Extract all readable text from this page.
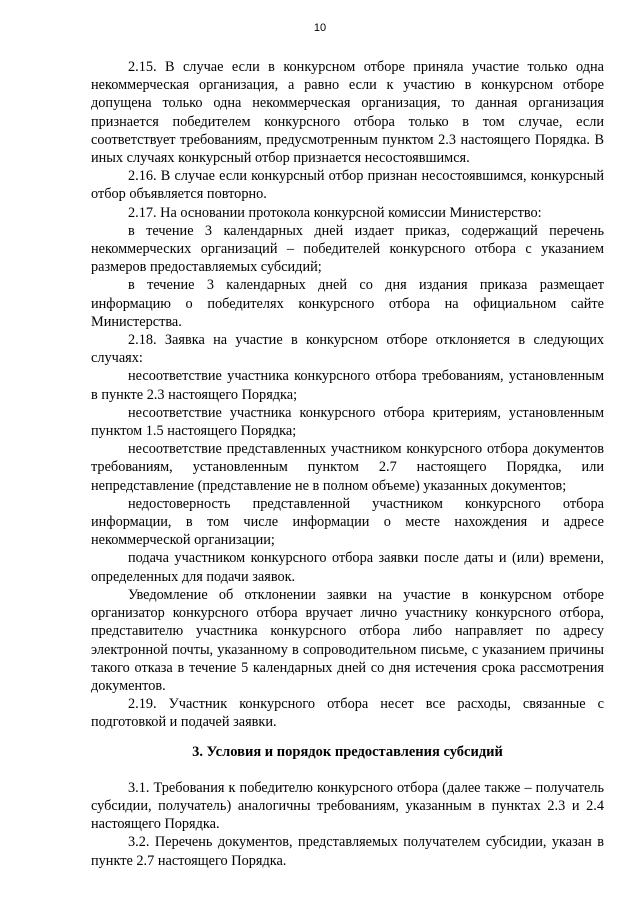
10

2.15. В случае если в конкурсном отборе приняла участие только одна некоммерческая организация, а равно если к участию в конкурсном отборе допущена только одна некоммерческая организация, то данная организация признается победителем конкурсного отбора только в том случае, если соответствует требованиям, предусмотренным пунктом 2.3 настоящего Порядка. В иных случаях конкурсный отбор признается несостоявшимся.

2.16. В случае если конкурсный отбор признан несостоявшимся, конкурсный отбор объявляется повторно.

2.17. На основании протокола конкурсной комиссии Министерство:

в течение 3 календарных дней издает приказ, содержащий перечень некоммерческих организаций – победителей конкурсного отбора с указанием размеров предоставляемых субсидий;

в течение 3 календарных дней со дня издания приказа размещает информацию о победителях конкурсного отбора на официальном сайте Министерства.

2.18. Заявка на участие в конкурсном отборе отклоняется в следующих случаях:

несоответствие участника конкурсного отбора требованиям, установленным в пункте 2.3 настоящего Порядка;

несоответствие участника конкурсного отбора критериям, установленным пунктом 1.5 настоящего Порядка;

несоответствие представленных участником конкурсного отбора документов требованиям, установленным пунктом 2.7 настоящего Порядка, или непредставление (представление не в полном объеме) указанных документов;

недостоверность представленной участником конкурсного отбора информации, в том числе информации о месте нахождения и адресе некоммерческой организации;

подача участником конкурсного отбора заявки после даты и (или) времени, определенных для подачи заявок.

Уведомление об отклонении заявки на участие в конкурсном отборе организатор конкурсного отбора вручает лично участнику конкурсного отбора, представителю участника конкурсного отбора либо направляет по адресу электронной почты, указанному в сопроводительном письме, с указанием причины такого отказа в течение 5 календарных дней со дня истечения срока рассмотрения документов.

2.19. Участник конкурсного отбора несет все расходы, связанные с подготовкой и подачей заявки.

3. Условия и порядок предоставления субсидий

3.1. Требования к победителю конкурсного отбора (далее также – получатель субсидии, получатель) аналогичны требованиям, указанным в пунктах 2.3 и 2.4 настоящего Порядка.

3.2. Перечень документов, представляемых получателем субсидии, указан в пункте 2.7 настоящего Порядка.
